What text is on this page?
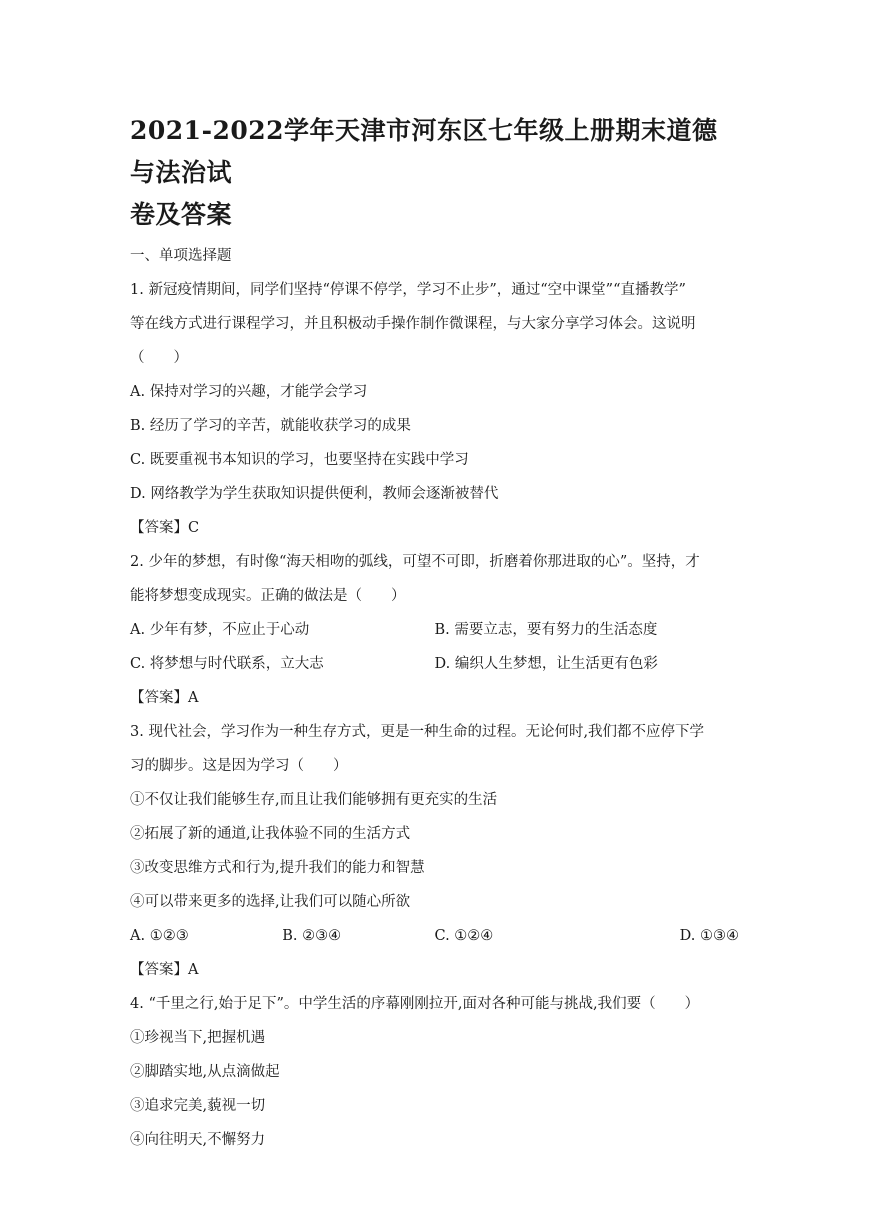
2021-2022学年天津市河东区七年级上册期末道德与法治试
卷及答案
一、单项选择题
1. 新冠疫情期间，同学们坚持“停课不停学，学习不止步”，通过“空中课堂”“直播教学”
等在线方式进行课程学习，并且积极动手操作制作微课程，与大家分享学习体会。这说明
（　　）
A. 保持对学习的兴趣，才能学会学习
B. 经历了学习的辛苦，就能收获学习的成果
C. 既要重视书本知识的学习，也要坚持在实践中学习
D. 网络教学为学生获取知识提供便利，教师会逐渐被替代
【答案】C
2. 少年的梦想，有时像“海天相吻的弧线，可望不可即，折磨着你那进取的心”。坚持，才
能将梦想变成现实。正确的做法是（　　）
A. 少年有梦，不应止于心动	B. 需要立志，要有努力的生活态度
C. 将梦想与时代联系，立大志	D. 编织人生梦想，让生活更有色彩
【答案】A
3. 现代社会，学习作为一种生存方式，更是一种生命的过程。无论何时,我们都不应停下学
习的脚步。这是因为学习（　　）
①不仅让我们能够生存,而且让我们能够拥有更充实的生活
②拓展了新的通道,让我体验不同的生活方式
③改变思维方式和行为,提升我们的能力和智慧
④可以带来更多的选择,让我们可以随心所欲
A. ①②③	B. ②③④	C. ①②④	D. ①③④
【答案】A
4. “千里之行,始于足下”。中学生活的序幕刚刚拉开,面对各种可能与挑战,我们要（　　）
①珍视当下,把握机遇
②脚踏实地,从点滴做起
③追求完美,藐视一切
④向往明天,不懈努力
